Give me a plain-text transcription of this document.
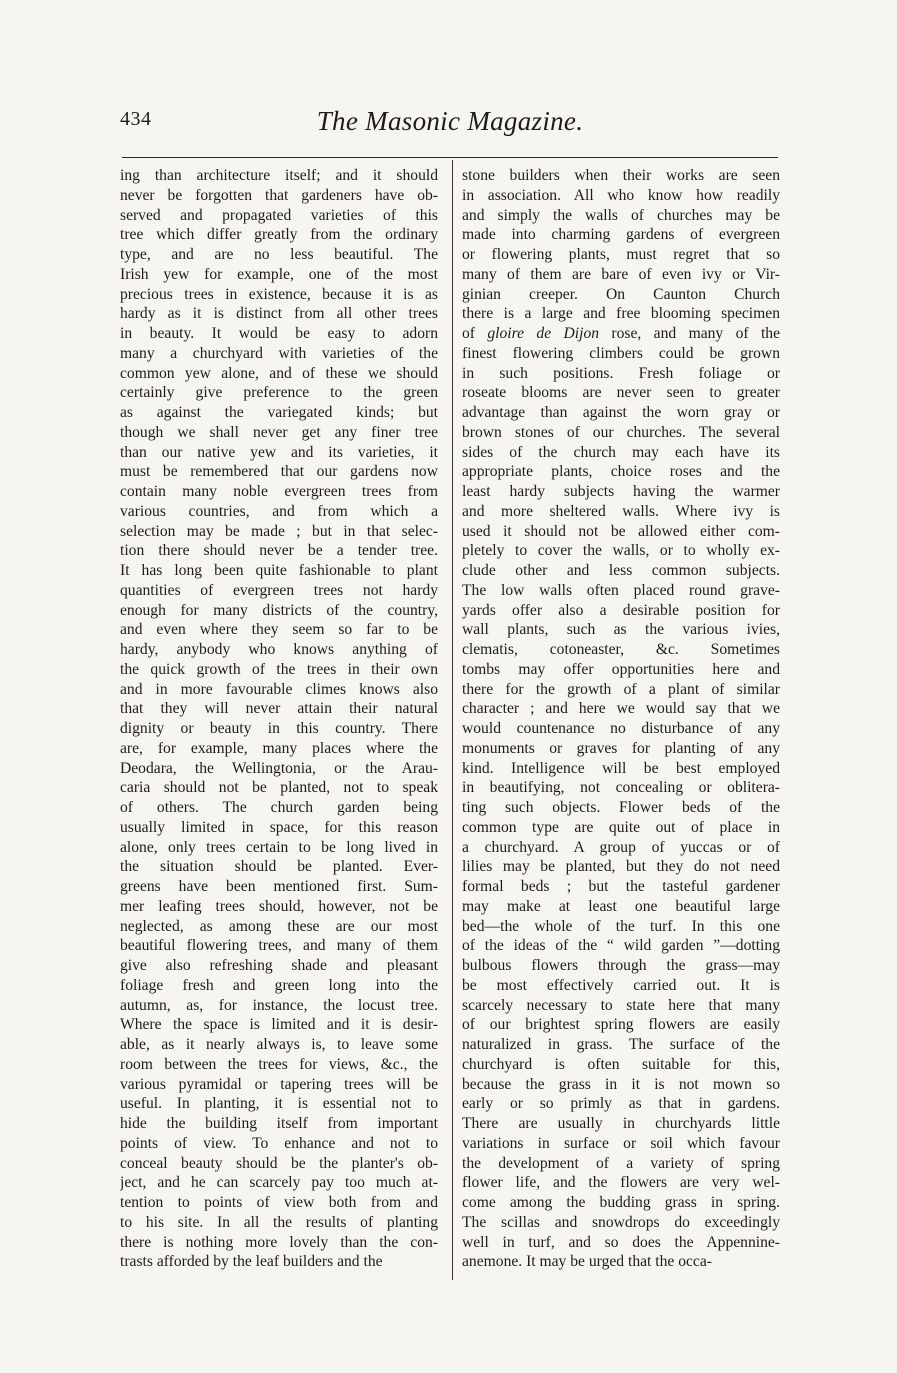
434	The Masonic Magazine.
ing than architecture itself; and it should
never be forgotten that gardeners have ob-
served and propagated varieties of this
tree which differ greatly from the ordinary
type, and are no less beautiful. The
Irish yew for example, one of the most
precious trees in existence, because it is as
hardy as it is distinct from all other trees
in beauty. It would be easy to adorn
many a churchyard with varieties of the
common yew alone, and of these we should
certainly give preference to the green
as against the variegated kinds; but
though we shall never get any finer tree
than our native yew and its varieties, it
must be remembered that our gardens now
contain many noble evergreen trees from
various countries, and from which a
selection may be made ; but in that selec-
tion there should never be a tender tree.
It has long been quite fashionable to plant
quantities of evergreen trees not hardy
enough for many districts of the country,
and even where they seem so far to be
hardy, anybody who knows anything of
the quick growth of the trees in their own
and in more favourable climes knows also
that they will never attain their natural
dignity or beauty in this country. There
are, for example, many places where the
Deodara, the Wellingtonia, or the Arau-
caria should not be planted, not to speak
of others. The church garden being
usually limited in space, for this reason
alone, only trees certain to be long lived in
the situation should be planted. Ever-
greens have been mentioned first. Sum-
mer leafing trees should, however, not be
neglected, as among these are our most
beautiful flowering trees, and many of them
give also refreshing shade and pleasant
foliage fresh and green long into the
autumn, as, for instance, the locust tree.
Where the space is limited and it is desir-
able, as it nearly always is, to leave some
room between the trees for views, &c., the
various pyramidal or tapering trees will be
useful. In planting, it is essential not to
hide the building itself from important
points of view. To enhance and not to
conceal beauty should be the planter's ob-
ject, and he can scarcely pay too much at-
tention to points of view both from and
to his site. In all the results of planting
there is nothing more lovely than the con-
trasts afforded by the leaf builders and the
stone builders when their works are seen
in association. All who know how readily
and simply the walls of churches may be
made into charming gardens of evergreen
or flowering plants, must regret that so
many of them are bare of even ivy or Vir-
ginian creeper. On Caunton Church
there is a large and free blooming specimen
of gloire de Dijon rose, and many of the
finest flowering climbers could be grown
in such positions. Fresh foliage or
roseate blooms are never seen to greater
advantage than against the worn gray or
brown stones of our churches. The several
sides of the church may each have its
appropriate plants, choice roses and the
least hardy subjects having the warmer
and more sheltered walls. Where ivy is
used it should not be allowed either com-
pletely to cover the walls, or to wholly ex-
clude other and less common subjects.
The low walls often placed round grave-
yards offer also a desirable position for
wall plants, such as the various ivies,
clematis, cotoneaster, &c. Sometimes
tombs may offer opportunities here and
there for the growth of a plant of similar
character ; and here we would say that we
would countenance no disturbance of any
monuments or graves for planting of any
kind. Intelligence will be best employed
in beautifying, not concealing or oblitera-
ting such objects. Flower beds of the
common type are quite out of place in
a churchyard. A group of yuccas or of
lilies may be planted, but they do not need
formal beds ; but the tasteful gardener
may make at least one beautiful large
bed—the whole of the turf. In this one
of the ideas of the “ wild garden ”—dotting
bulbous flowers through the grass—may
be most effectively carried out. It is
scarcely necessary to state here that many
of our brightest spring flowers are easily
naturalized in grass. The surface of the
churchyard is often suitable for this,
because the grass in it is not mown so
early or so primly as that in gardens.
There are usually in churchyards little
variations in surface or soil which favour
the development of a variety of spring
flower life, and the flowers are very wel-
come among the budding grass in spring.
The scillas and snowdrops do exceedingly
well in turf, and so does the Appennine-
anemone. It may be urged that the occa-
